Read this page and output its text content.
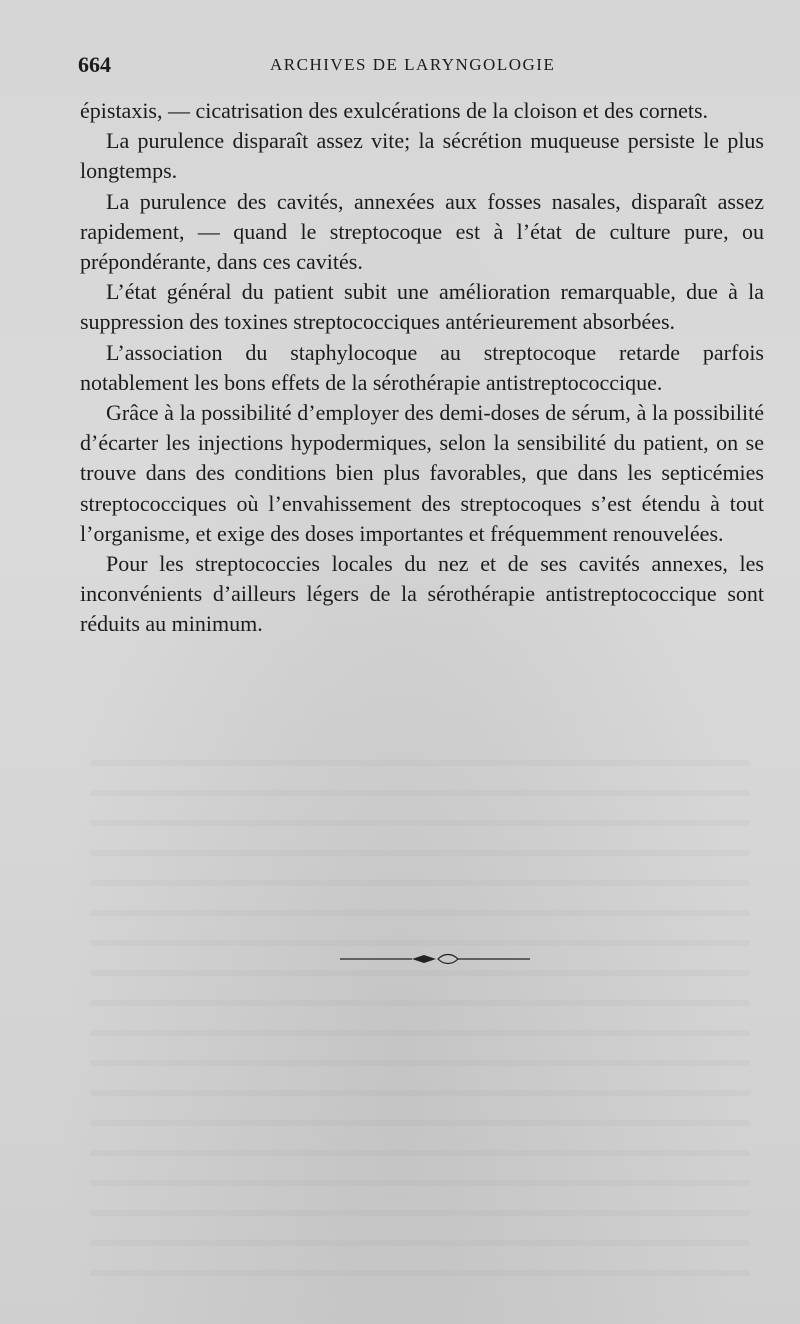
664	ARCHIVES DE LARYNGOLOGIE

épistaxis, — cicatrisation des exulcérations de la cloison et des cornets.

La purulence disparaît assez vite; la sécrétion muqueuse persiste le plus longtemps.

La purulence des cavités, annexées aux fosses nasales, disparaît assez rapidement, — quand le streptocoque est à l’état de culture pure, ou prépondérante, dans ces cavités.

L’état général du patient subit une amélioration remarquable, due à la suppression des toxines streptococciques antérieurement absorbées.

L’association du staphylocoque au streptocoque retarde parfois notablement les bons effets de la sérothérapie antistreptococcique.

Grâce à la possibilité d’employer des demi-doses de sérum, à la possibilité d’écarter les injections hypodermiques, selon la sensibilité du patient, on se trouve dans des conditions bien plus favorables, que dans les septicémies streptococciques où l’envahissement des streptocoques s’est étendu à tout l’organisme, et exige des doses importantes et fréquemment renouvelées.

Pour les streptococcies locales du nez et de ses cavités annexes, les inconvénients d’ailleurs légers de la sérothérapie antistreptococcique sont réduits au minimum.
